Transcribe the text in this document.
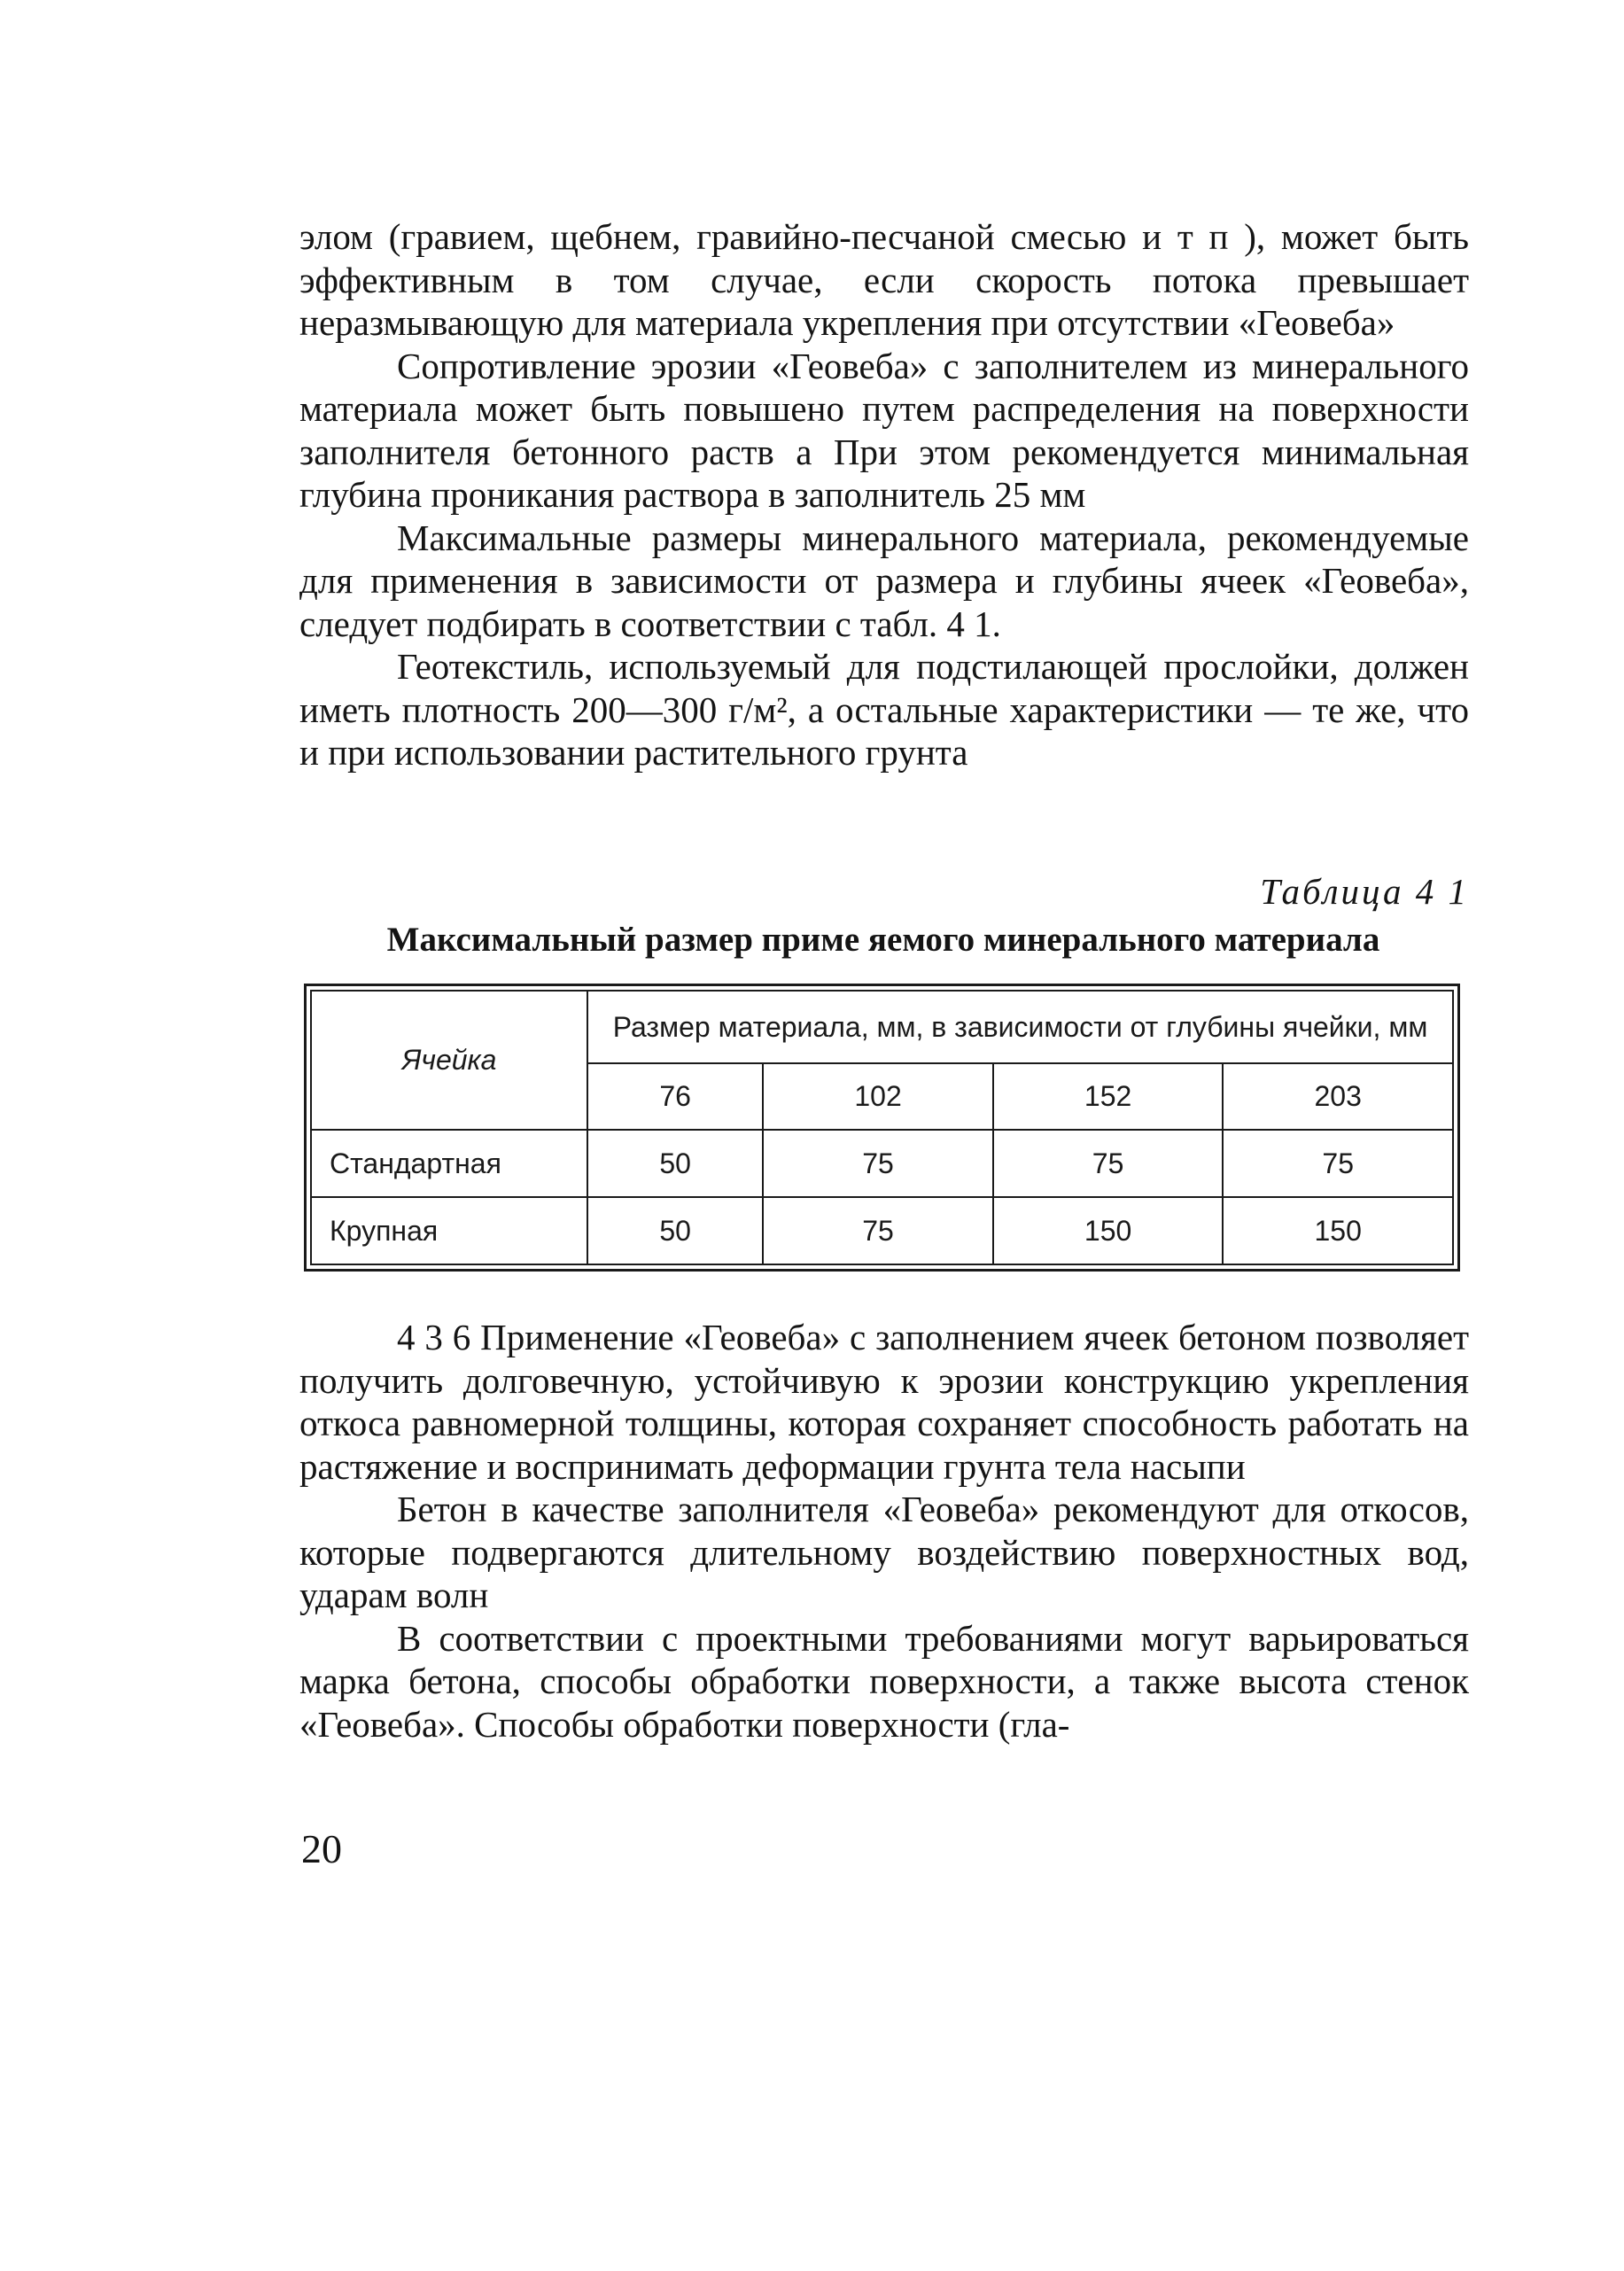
элом (гравием, щебнем, гравийно-песчаной смесью и т п ), может быть эффективным в том случае, если скорость потока превышает неразмывающую для материала укрепления при отсутствии «Геовеба»

Сопротивление эрозии «Геовеба» с заполнителем из минерального материала может быть повышено путем распределения на поверхности заполнителя бетонного раств а При этом рекомендуется минимальная глубина проникания раствора в заполнитель 25 мм

Максимальные размеры минерального материала, рекомендуемые для применения в зависимости от размера и глубины ячеек «Геовеба», следует подбирать в соответствии с табл. 4 1.

Геотекстиль, используемый для подстилающей прослойки, должен иметь плотность 200—300 г/м², а остальные характеристики — те же, что и при использовании растительного грунта

Таблица 4 1
Максимальный размер приме яемого минерального материала
Ячейка	Размер материала, мм, в зависимости от глубины ячейки, мм			
	76	102	152	203
Стандартная	50	75	75	75
Крупная	50	75	150	150

4 3 6 Применение «Геовеба» с заполнением ячеек бетоном позволяет получить долговечную, устойчивую к эрозии конструкцию укрепления откоса равномерной толщины, которая сохраняет способность работать на растяжение и воспринимать деформации грунта тела насыпи

Бетон в качестве заполнителя «Геовеба» рекомендуют для откосов, которые подвергаются длительному воздействию поверхностных вод, ударам волн

В соответствии с проектными требованиями могут варьироваться марка бетона, способы обработки поверхности, а также высота стенок «Геовеба». Способы обработки поверхности (гла-

20
